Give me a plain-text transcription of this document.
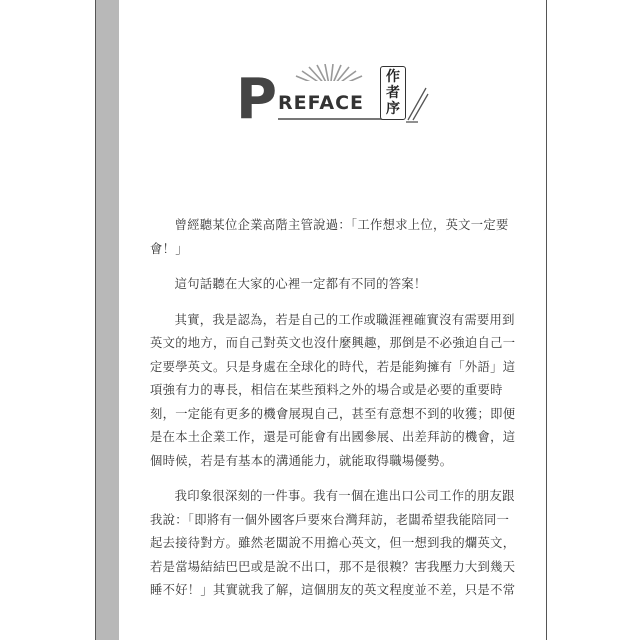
P REFACE
作者序

曾經聽某位企業高階主管說過：「工作想求上位，英文一定要會！」

這句話聽在大家的心裡一定都有不同的答案！

其實，我是認為，若是自己的工作或職涯裡確實沒有需要用到英文的地方，而自己對英文也沒什麼興趣，那倒是不必強迫自己一定要學英文。只是身處在全球化的時代，若是能夠擁有「外語」這項強有力的專長，相信在某些預料之外的場合或是必要的重要時刻，一定能有更多的機會展現自己，甚至有意想不到的收獲；即便是在本土企業工作，還是可能會有出國參展、出差拜訪的機會，這個時候，若是有基本的溝通能力，就能取得職場優勢。

我印象很深刻的一件事。我有一個在進出口公司工作的朋友跟我說：「即將有一個外國客戶要來台灣拜訪，老闆希望我能陪同一起去接待對方。雖然老闆說不用擔心英文，但一想到我的爛英文，若是當場結結巴巴或是說不出口，那不是很糗？害我壓力大到幾天睡不好！」其實就我了解，這個朋友的英文程度並不差，只是不常
